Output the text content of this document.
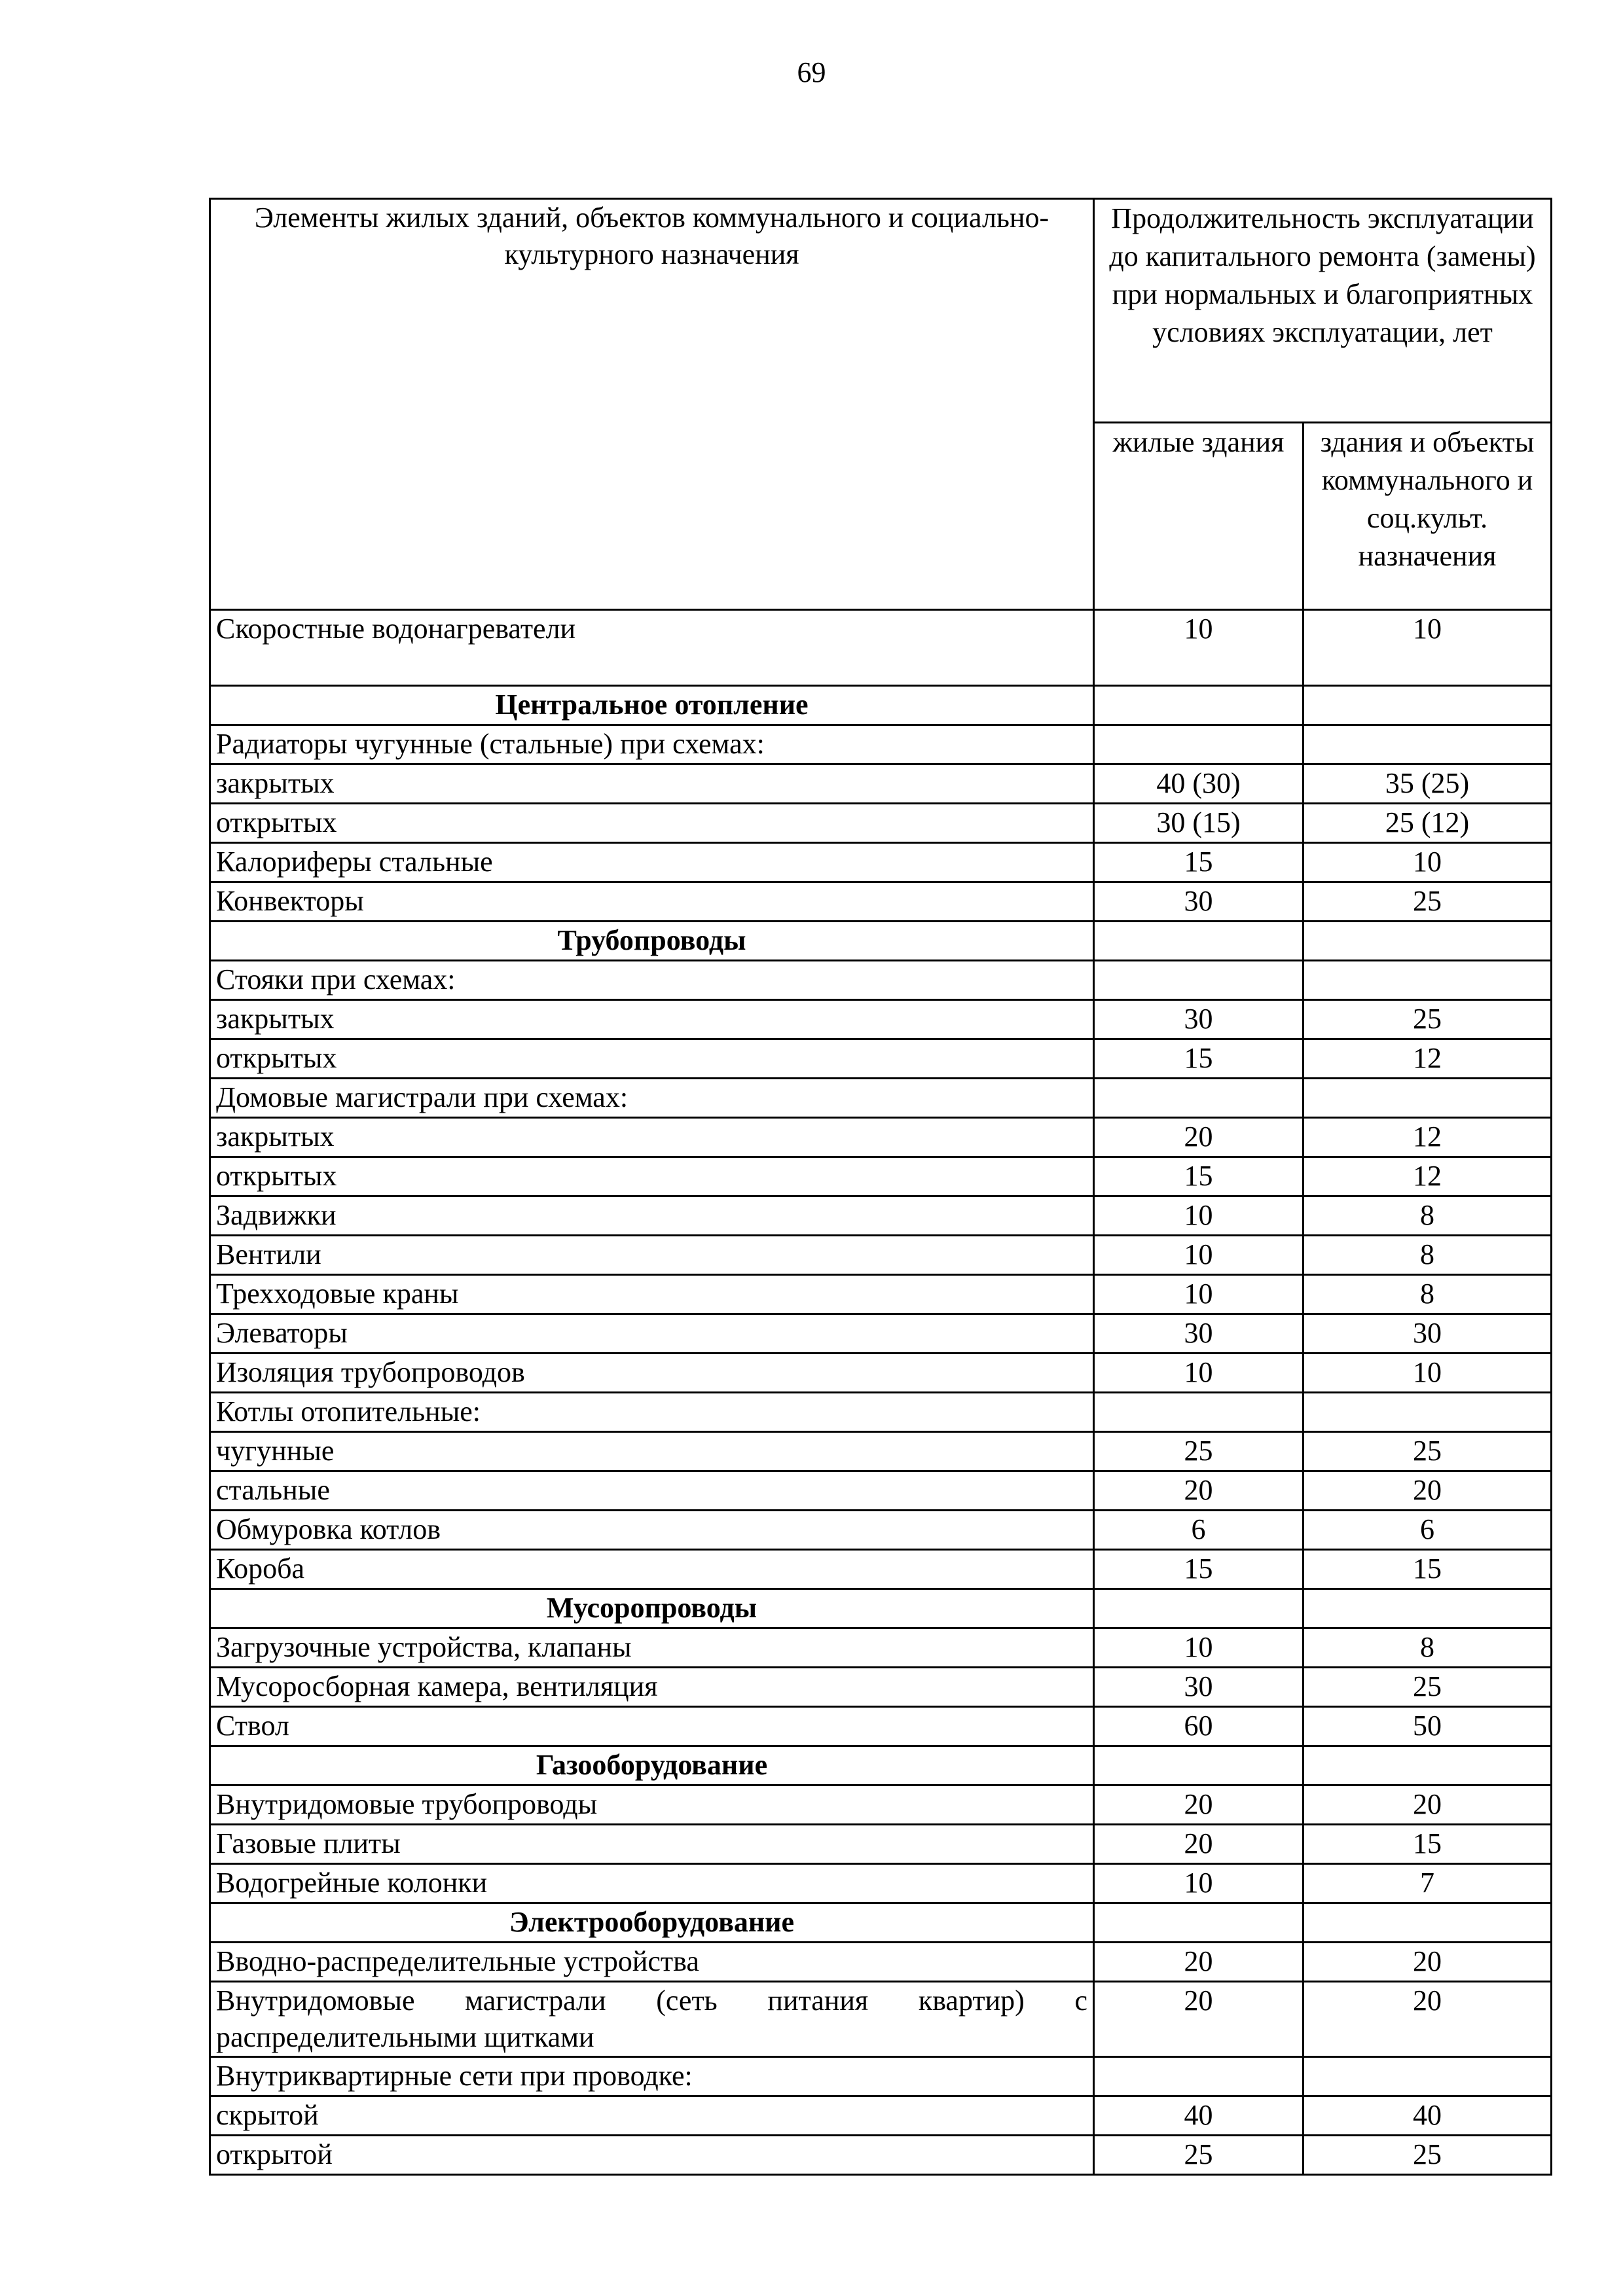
69
Элементы жилых зданий, объектов коммунального и социально-культурного назначения	Продолжительность эксплуатации до капитального ремонта (замены) при нормальных и благоприятных условиях эксплуатации, лет	
	жилые здания	здания и объекты коммунального и соц.культ. назначения
Скоростные водонагреватели	10	10
Центральное отопление		
Радиаторы чугунные (стальные) при схемах:		
закрытых	40 (30)	35 (25)
открытых	30 (15)	25 (12)
Калориферы стальные	15	10
Конвекторы	30	25
Трубопроводы		
Стояки при схемах:		
закрытых	30	25
открытых	15	12
Домовые магистрали при схемах:		
закрытых	20	12
открытых	15	12
Задвижки	10	8
Вентили	10	8
Трехходовые краны	10	8
Элеваторы	30	30
Изоляция трубопроводов	10	10
Котлы отопительные:		
чугунные	25	25
стальные	20	20
Обмуровка котлов	6	6
Короба	15	15
Мусоропроводы		
Загрузочные устройства, клапаны	10	8
Мусоросборная камера, вентиляция	30	25
Ствол	60	50
Газооборудование		
Внутридомовые трубопроводы	20	20
Газовые плиты	20	15
Водогрейные колонки	10	7
Электрооборудование		
Вводно-распределительные устройства	20	20
Внутридомовые магистрали (сеть питания квартир) с распределительными щитками	20	20
Внутриквартирные сети при проводке:		
скрытой	40	40
открытой	25	25
